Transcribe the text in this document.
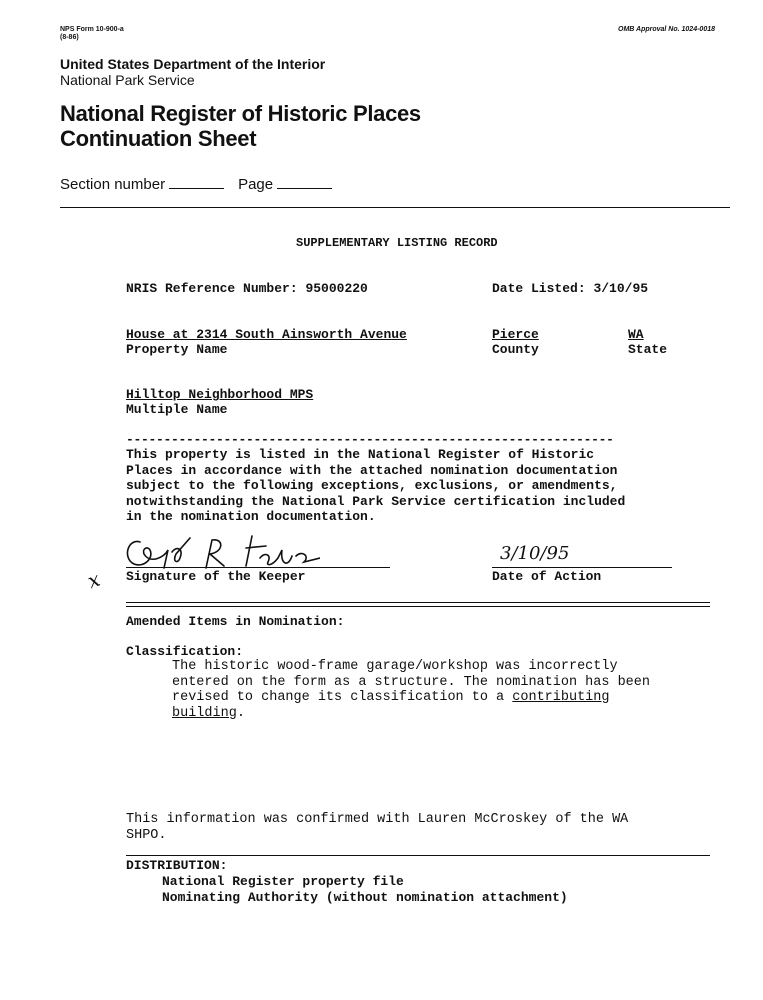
NPS Form 10-900-a
(8-86)
OMB Approval No. 1024-0018
United States Department of the Interior
National Park Service
National Register of Historic Places
Continuation Sheet
Section number	Page
SUPPLEMENTARY LISTING RECORD
NRIS Reference Number: 95000220	Date Listed: 3/10/95
House at 2314 South Ainsworth Avenue
Property Name
Pierce
County
WA
State
Hilltop Neighborhood MPS
Multiple Name
-----------------------------------------------------------------
This property is listed in the National Register of Historic
Places in accordance with the attached nomination documentation
subject to the following exceptions, exclusions, or amendments,
notwithstanding the National Park Service certification included
in the nomination documentation.
Signature of the Keeper
x
3/10/95
Date of Action
Amended Items in Nomination:
Classification:
The historic wood-frame garage/workshop was incorrectly
entered on the form as a structure. The nomination has been
revised to change its classification to a contributing
building.
This information was confirmed with Lauren McCroskey of the WA
SHPO.
DISTRIBUTION:
National Register property file
Nominating Authority (without nomination attachment)
